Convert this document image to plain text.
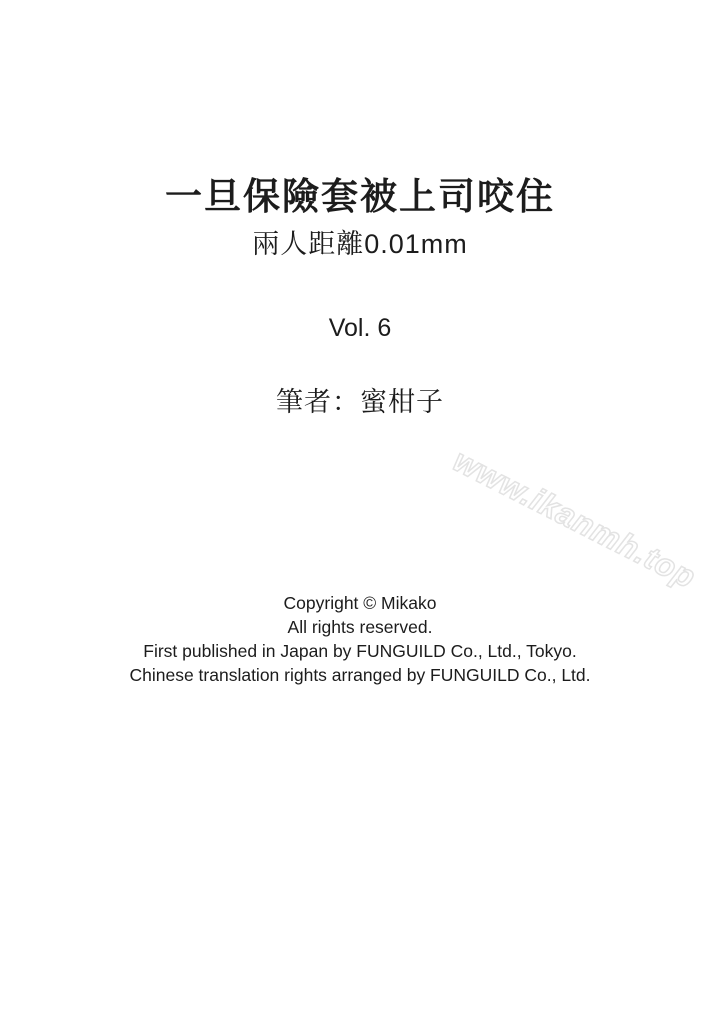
一旦保險套被上司咬住
兩人距離0.01mm
Vol. 6
筆者：蜜柑子
www.ikanmh.top
Copyright © Mikako
All rights reserved.
First published in Japan by FUNGUILD Co., Ltd., Tokyo.
Chinese translation rights arranged by FUNGUILD Co., Ltd.
